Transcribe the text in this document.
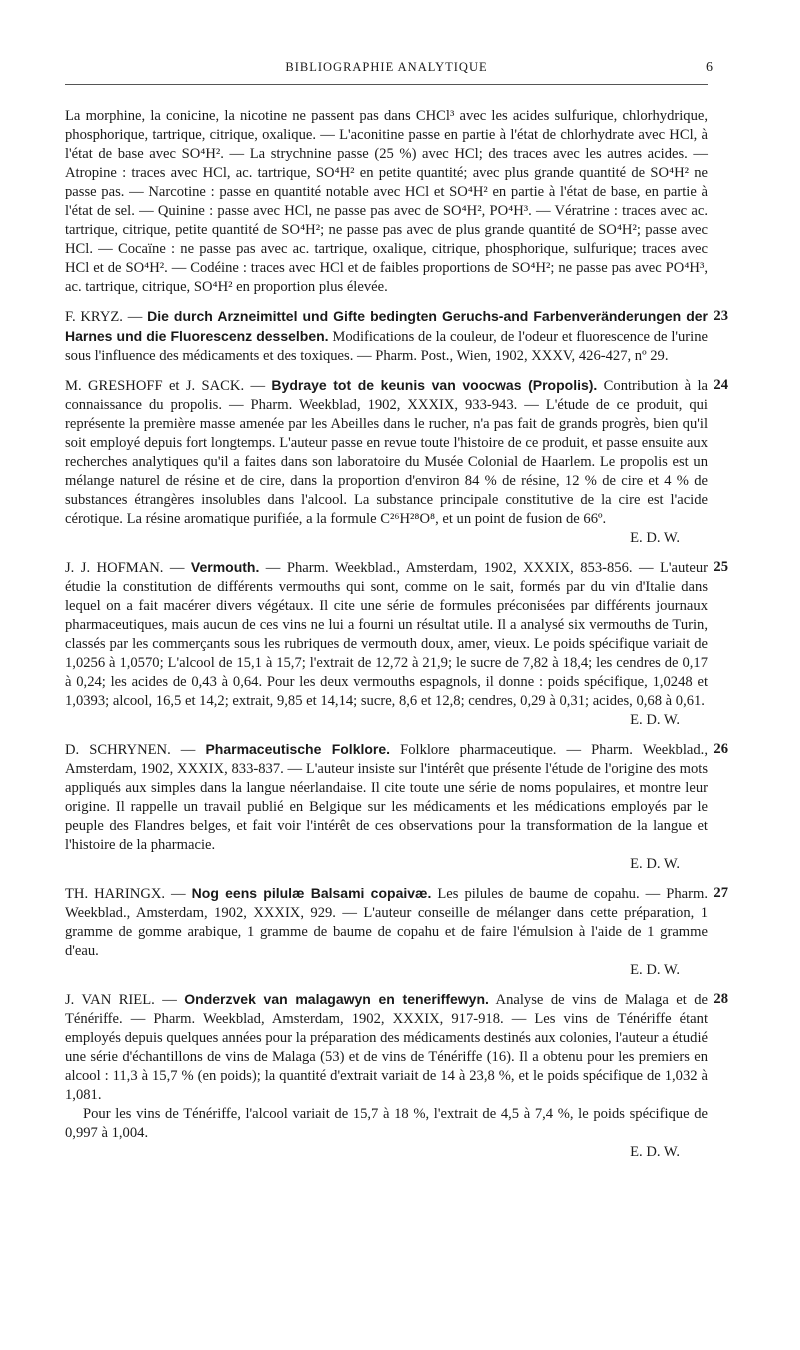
BIBLIOGRAPHIE ANALYTIQUE	6

La morphine, la conicine, la nicotine ne passent pas dans CHCl³ avec les acides sulfurique, chlorhydrique, phosphorique, tartrique, citrique, oxalique. — L'aconitine passe en partie à l'état de chlorhydrate avec HCl, à l'état de base avec SO⁴H². — La strychnine passe (25 %) avec HCl; des traces avec les autres acides. — Atropine : traces avec HCl, ac. tartrique, SO⁴H² en petite quantité; avec plus grande quantité de SO⁴H² ne passe pas. — Narcotine : passe en quantité notable avec HCl et SO⁴H² en partie à l'état de base, en partie à l'état de sel. — Quinine : passe avec HCl, ne passe pas avec de SO⁴H², PO⁴H³. — Vératrine : traces avec ac. tartrique, citrique, petite quantité de SO⁴H²; ne passe pas avec de plus grande quantité de SO⁴H²; passe avec HCl. — Cocaïne : ne passe pas avec ac. tartrique, oxalique, citrique, phosphorique, sulfurique; traces avec HCl et de SO⁴H². — Codéine : traces avec HCl et de faibles proportions de SO⁴H²; ne passe pas avec PO⁴H³, ac. tartrique, citrique, SO⁴H² en proportion plus élevée.

23

F. KRYZ. — Die durch Arzneimittel und Gifte bedingten Geruchs-and Farbenveränderungen der Harnes und die Fluorescenz desselben. Modifications de la couleur, de l'odeur et fluorescence de l'urine sous l'influence des médicaments et des toxiques. — Pharm. Post., Wien, 1902, XXXV, 426-427, nº 29.

24

M. GRESHOFF et J. SACK. — Bydraye tot de keunis van voocwas (Propolis). Contribution à la connaissance du propolis. — Pharm. Weekblad, 1902, XXXIX, 933-943. — L'étude de ce produit, qui représente la première masse amenée par les Abeilles dans le rucher, n'a pas fait de grands progrès, bien qu'il soit employé depuis fort longtemps. L'auteur passe en revue toute l'histoire de ce produit, et passe ensuite aux recherches analytiques qu'il a faites dans son laboratoire du Musée Colonial de Haarlem. Le propolis est un mélange naturel de résine et de cire, dans la proportion d'environ 84 % de résine, 12 % de cire et 4 % de substances étrangères insolubles dans l'alcool. La substance principale constitutive de la cire est l'acide cérotique. La résine aromatique purifiée, a la formule C²⁶H²⁸O⁸, et un point de fusion de 66º.

E. D. W.
25

J. J. HOFMAN. — Vermouth. — Pharm. Weekblad., Amsterdam, 1902, XXXIX, 853-856. — L'auteur étudie la constitution de différents vermouths qui sont, comme on le sait, formés par du vin d'Italie dans lequel on a fait macérer divers végétaux. Il cite une série de formules préconisées par différents journaux pharmaceutiques, mais aucun de ces vins ne lui a fourni un résultat utile. Il a analysé six vermouths de Turin, classés par les commerçants sous les rubriques de vermouth doux, amer, vieux. Le poids spécifique variait de 1,0256 à 1,0570; L'alcool de 15,1 à 15,7; l'extrait de 12,72 à 21,9; le sucre de 7,82 à 18,4; les cendres de 0,17 à 0,24; les acides de 0,43 à 0,64. Pour les deux vermouths espagnols, il donne : poids spécifique, 1,0248 et 1,0393; alcool, 16,5 et 14,2; extrait, 9,85 et 14,14; sucre, 8,6 et 12,8; cendres, 0,29 à 0,31; acides, 0,68 à 0,61.

E. D. W.
26

D. SCHRYNEN. — Pharmaceutische Folklore. Folklore pharmaceutique. — Pharm. Weekblad., Amsterdam, 1902, XXXIX, 833-837. — L'auteur insiste sur l'intérêt que présente l'étude de l'origine des mots appliqués aux simples dans la langue néerlandaise. Il cite toute une série de noms populaires, et montre leur origine. Il rappelle un travail publié en Belgique sur les médicaments et les médications employés par le peuple des Flandres belges, et fait voir l'intérêt de ces observations pour la transformation de la langue et l'histoire de la pharmacie.

E. D. W.
27

TH. HARINGX. — Nog eens pilulæ Balsami copaivæ. Les pilules de baume de copahu. — Pharm. Weekblad., Amsterdam, 1902, XXXIX, 929. — L'auteur conseille de mélanger dans cette préparation, 1 gramme de gomme arabique, 1 gramme de baume de copahu et de faire l'émulsion à l'aide de 1 gramme d'eau.

E. D. W.
28

J. VAN RIEL. — Onderzvek van malagawyn en teneriffewyn. Analyse de vins de Malaga et de Ténériffe. — Pharm. Weekblad, Amsterdam, 1902, XXXIX, 917-918. — Les vins de Ténériffe étant employés depuis quelques années pour la préparation des médicaments destinés aux colonies, l'auteur a étudié une série d'échantillons de vins de Malaga (53) et de vins de Ténériffe (16). Il a obtenu pour les premiers en alcool : 11,3 à 15,7 % (en poids); la quantité d'extrait variait de 14 à 23,8 %, et le poids spécifique de 1,032 à 1,081.

Pour les vins de Ténériffe, l'alcool variait de 15,7 à 18 %, l'extrait de 4,5 à 7,4 %, le poids spécifique de 0,997 à 1,004.

E. D. W.
